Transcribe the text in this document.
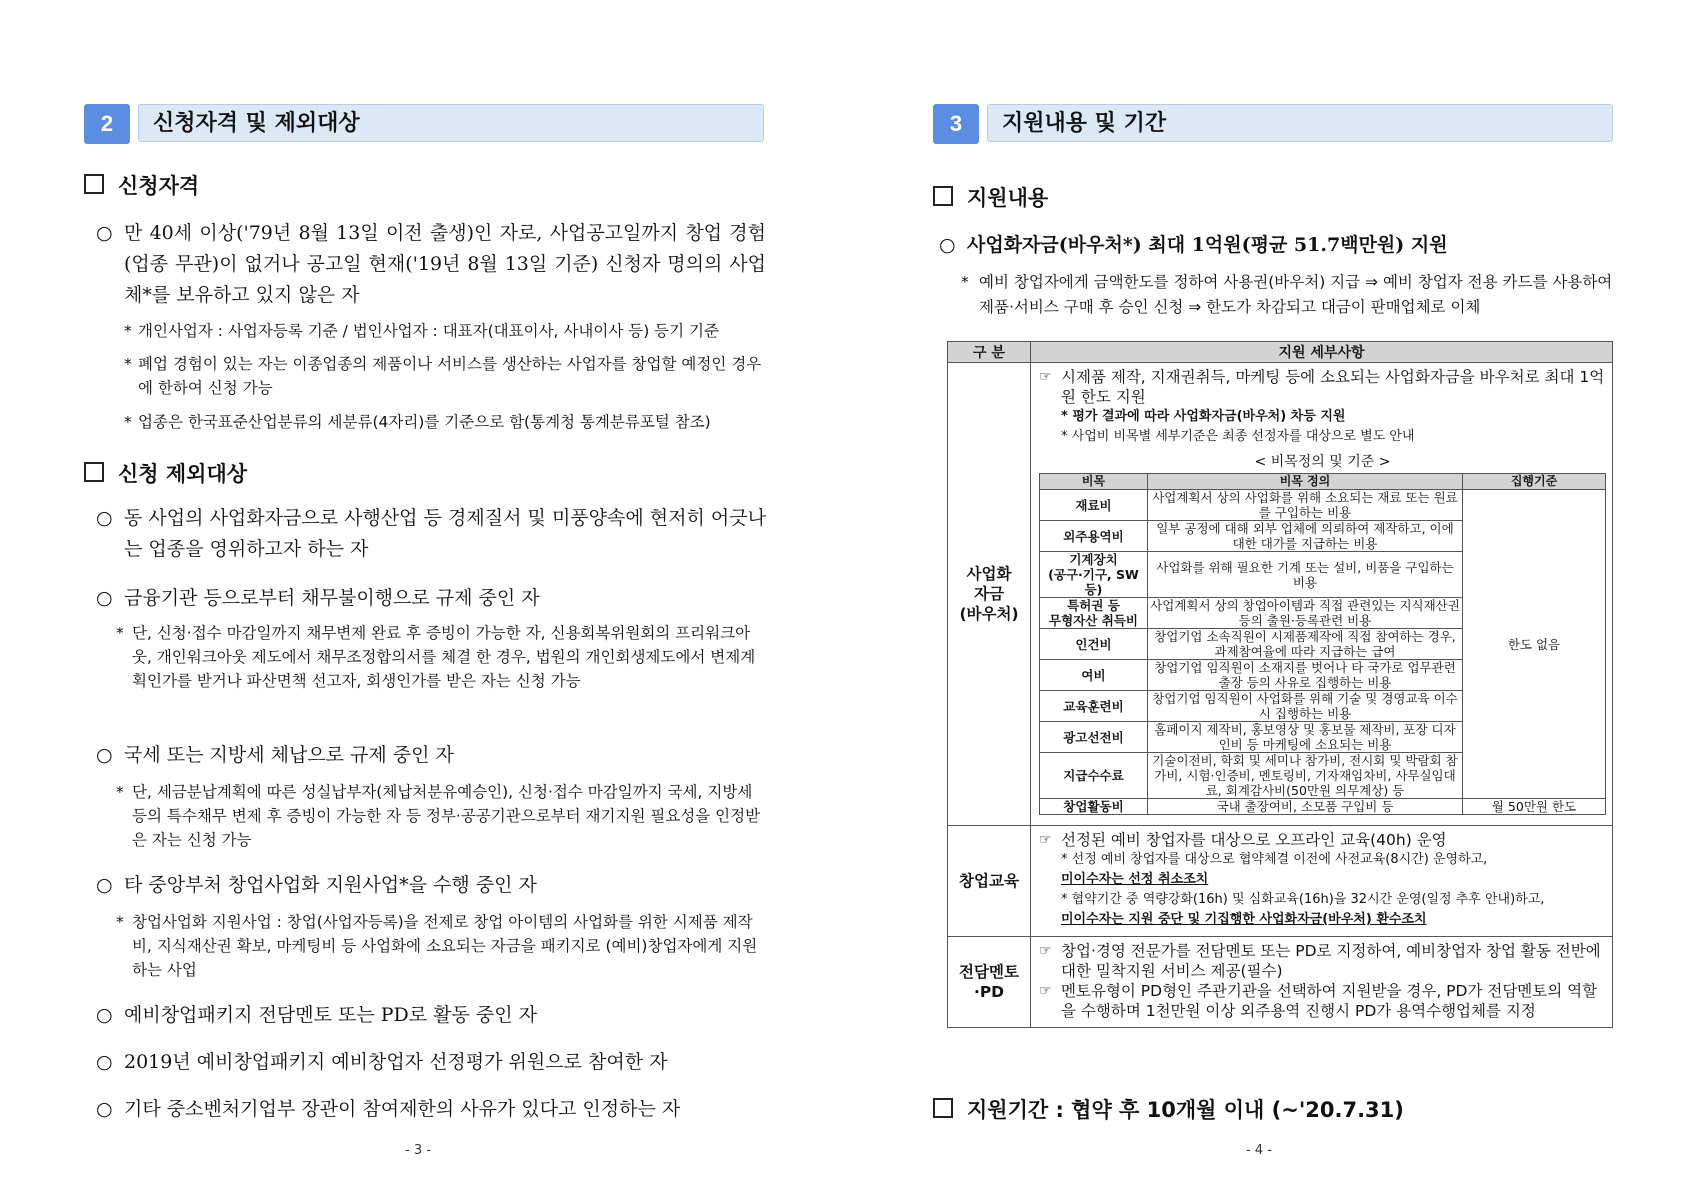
2	신청자격 및 제외대상
신청자격
○ 만 40세 이상('79년 8월 13일 이전 출생)인 자로, 사업공고일까지 창업 경험(업종 무관)이 없거나 공고일 현재('19년 8월 13일 기준) 신청자 명의의 사업체*를 보유하고 있지 않은 자
* 개인사업자 : 사업자등록 기준 / 법인사업자 : 대표자(대표이사, 사내이사 등) 등기 기준
* 폐업 경험이 있는 자는 이종업종의 제품이나 서비스를 생산하는 사업자를 창업할 예정인 경우에 한하여 신청 가능
* 업종은 한국표준산업분류의 세분류(4자리)를 기준으로 함(통계청 통계분류포털 참조)
신청 제외대상
○ 동 사업의 사업화자금으로 사행산업 등 경제질서 및 미풍양속에 현저히 어긋나는 업종을 영위하고자 하는 자
○ 금융기관 등으로부터 채무불이행으로 규제 중인 자
* 단, 신청·접수 마감일까지 채무변제 완료 후 증빙이 가능한 자, 신용회복위원회의 프리워크아웃, 개인워크아웃 제도에서 채무조정합의서를 체결 한 경우, 법원의 개인회생제도에서 변제계획인가를 받거나 파산면책 선고자, 회생인가를 받은 자는 신청 가능
○ 국세 또는 지방세 체납으로 규제 중인 자
* 단, 세금분납계획에 따른 성실납부자(체납처분유예승인), 신청·접수 마감일까지 국세, 지방세 등의 특수채무 변제 후 증빙이 가능한 자 등 정부·공공기관으로부터 재기지원 필요성을 인정받은 자는 신청 가능
○ 타 중앙부처 창업사업화 지원사업*을 수행 중인 자
* 창업사업화 지원사업 : 창업(사업자등록)을 전제로 창업 아이템의 사업화를 위한 시제품 제작비, 지식재산권 확보, 마케팅비 등 사업화에 소요되는 자금을 패키지로 (예비)창업자에게 지원하는 사업
○ 예비창업패키지 전담멘토 또는 PD로 활동 중인 자
○ 2019년 예비창업패키지 예비창업자 선정평가 위원으로 참여한 자
○ 기타 중소벤처기업부 장관이 참여제한의 사유가 있다고 인정하는 자
- 3 -
3	지원내용 및 기간
지원내용
○ 사업화자금(바우처*) 최대 1억원(평균 51.7백만원) 지원
* 예비 창업자에게 금액한도를 정하여 사용권(바우처) 지급 ⇒ 예비 창업자 전용 카드를 사용하여 제품·서비스 구매 후 승인 신청 ⇒ 한도가 차감되고 대금이 판매업체로 이체
구 분	지원 세부사항
사업화
자금
(바우처)	
☞ 시제품 제작, 지재권취득, 마케팅 등에 소요되는 사업화자금을 바우처로 최대 1억원 한도 지원
* 평가 결과에 따라 사업화자금(바우처) 차등 지원
* 사업비 비목별 세부기준은 최종 선정자를 대상으로 별도 안내
< 비목정의 및 기준 >
비목	비목 정의	집행기준
재료비	사업계획서 상의 사업화를 위해 소요되는 재료 또는 원료를 구입하는 비용	한도 없음
외주용역비	일부 공정에 대해 외부 업체에 의뢰하여 제작하고, 이에 대한 대가를 지급하는 비용
기계장치
(공구·기구, SW 등)	사업화를 위해 필요한 기계 또는 설비, 비품을 구입하는 비용
특허권 등
무형자산 취득비	사업계획서 상의 창업아이템과 직접 관련있는 지식재산권 등의 출원·등록관련 비용
인건비	창업기업 소속직원이 시제품제작에 직접 참여하는 경우, 과제참여율에 따라 지급하는 급여
여비	창업기업 임직원이 소재지를 벗어나 타 국가로 업무관련 출장 등의 사유로 집행하는 비용
교육훈련비	창업기업 임직원이 사업화를 위해 기술 및 경영교육 이수 시 집행하는 비용
광고선전비	홈페이지 제작비, 홍보영상 및 홍보물 제작비, 포장 디자인비 등 마케팅에 소요되는 비용
지급수수료	기술이전비, 학회 및 세미나 참가비, 전시회 및 박람회 참가비, 시험·인증비, 멘토링비, 기자재임차비, 사무실임대료, 회계감사비(50만원 의무계상) 등
창업활동비	국내 출장여비, 소모품 구입비 등	월 50만원 한도

창업교육	
☞ 선정된 예비 창업자를 대상으로 오프라인 교육(40h) 운영
* 선정 예비 창업자를 대상으로 협약체결 이전에 사전교육(8시간) 운영하고,
미이수자는 선정 취소조치
* 협약기간 중 역량강화(16h) 및 심화교육(16h)을 32시간 운영(일정 추후 안내)하고,
미이수자는 지원 중단 및 기집행한 사업화자금(바우처) 환수조치

전담멘토
·PD	
☞ 창업·경영 전문가를 전담멘토 또는 PD로 지정하여, 예비창업자 창업 활동 전반에 대한 밀착지원 서비스 제공(필수)
☞ 멘토유형이 PD형인 주관기관을 선택하여 지원받을 경우, PD가 전담멘토의 역할을 수행하며 1천만원 이상 외주용역 진행시 PD가 용역수행업체를 지정
지원기간 : 협약 후 10개월 이내 (~'20.7.31)
- 4 -
